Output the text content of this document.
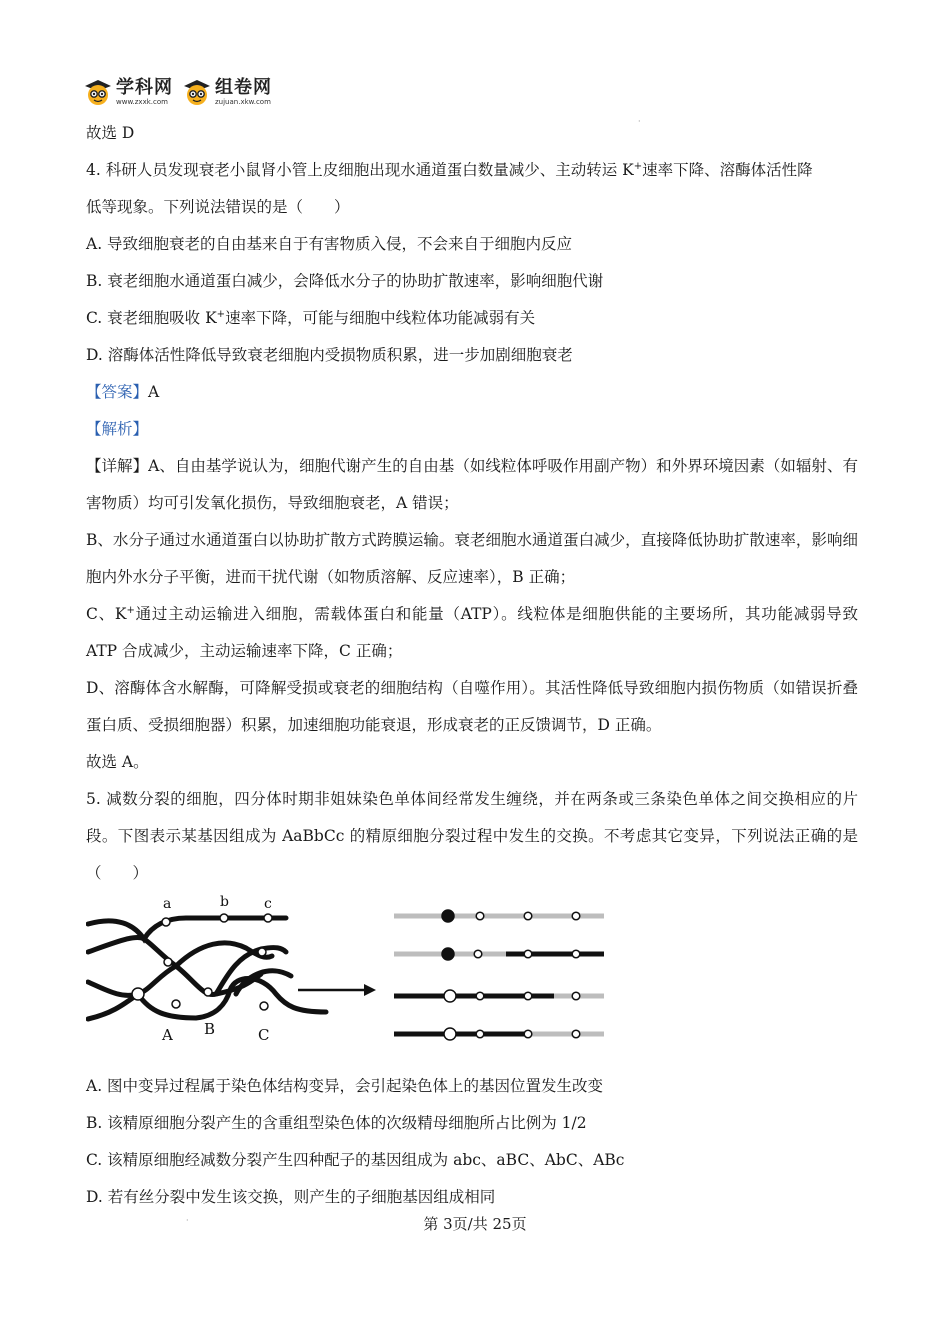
学科网
www.zxxk.com
组卷网
zujuan.xkw.com
·

故选 D

4. 科研人员发现衰老小鼠肾小管上皮细胞出现水通道蛋白数量减少、主动转运 K+速率下降、溶酶体活性降

低等现象。下列说法错误的是（　　）

A. 导致细胞衰老的自由基来自于有害物质入侵，不会来自于细胞内反应

B. 衰老细胞水通道蛋白减少，会降低水分子的协助扩散速率，影响细胞代谢

C. 衰老细胞吸收 K+速率下降，可能与细胞中线粒体功能减弱有关

D. 溶酶体活性降低导致衰老细胞内受损物质积累，进一步加剧细胞衰老

【答案】A

【解析】

【详解】A、自由基学说认为，细胞代谢产生的自由基（如线粒体呼吸作用副产物）和外界环境因素（如辐射、有害物质）均可引发氧化损伤，导致细胞衰老，A 错误；

B、水分子通过水通道蛋白以协助扩散方式跨膜运输。衰老细胞水通道蛋白减少，直接降低协助扩散速率，影响细胞内外水分子平衡，进而干扰代谢（如物质溶解、反应速率），B 正确；

C、K+通过主动运输进入细胞，需载体蛋白和能量（ATP）。线粒体是细胞供能的主要场所，其功能减弱导致 ATP 合成减少，主动运输速率下降，C 正确；

D、溶酶体含水解酶，可降解受损或衰老的细胞结构（自噬作用）。其活性降低导致细胞内损伤物质（如错误折叠蛋白质、受损细胞器）积累，加速细胞功能衰退，形成衰老的正反馈调节，D 正确。

故选 A。

5. 减数分裂的细胞，四分体时期非姐妹染色单体间经常发生缠绕，并在两条或三条染色单体之间交换相应的片段。下图表示某基因组成为 AaBbCc 的精原细胞分裂过程中发生的交换。不考虑其它变异，下列说法正确的是（　　）

a	b	c
A B	C

A. 图中变异过程属于染色体结构变异，会引起染色体上的基因位置发生改变

B. 该精原细胞分裂产生的含重组型染色体的次级精母细胞所占比例为 1/2

C. 该精原细胞经减数分裂产生四种配子的基因组成为 abc、aBC、AbC、ABc

D. 若有丝分裂中发生该交换，则产生的子细胞基因组成相同

·	第 3页/共 25页
